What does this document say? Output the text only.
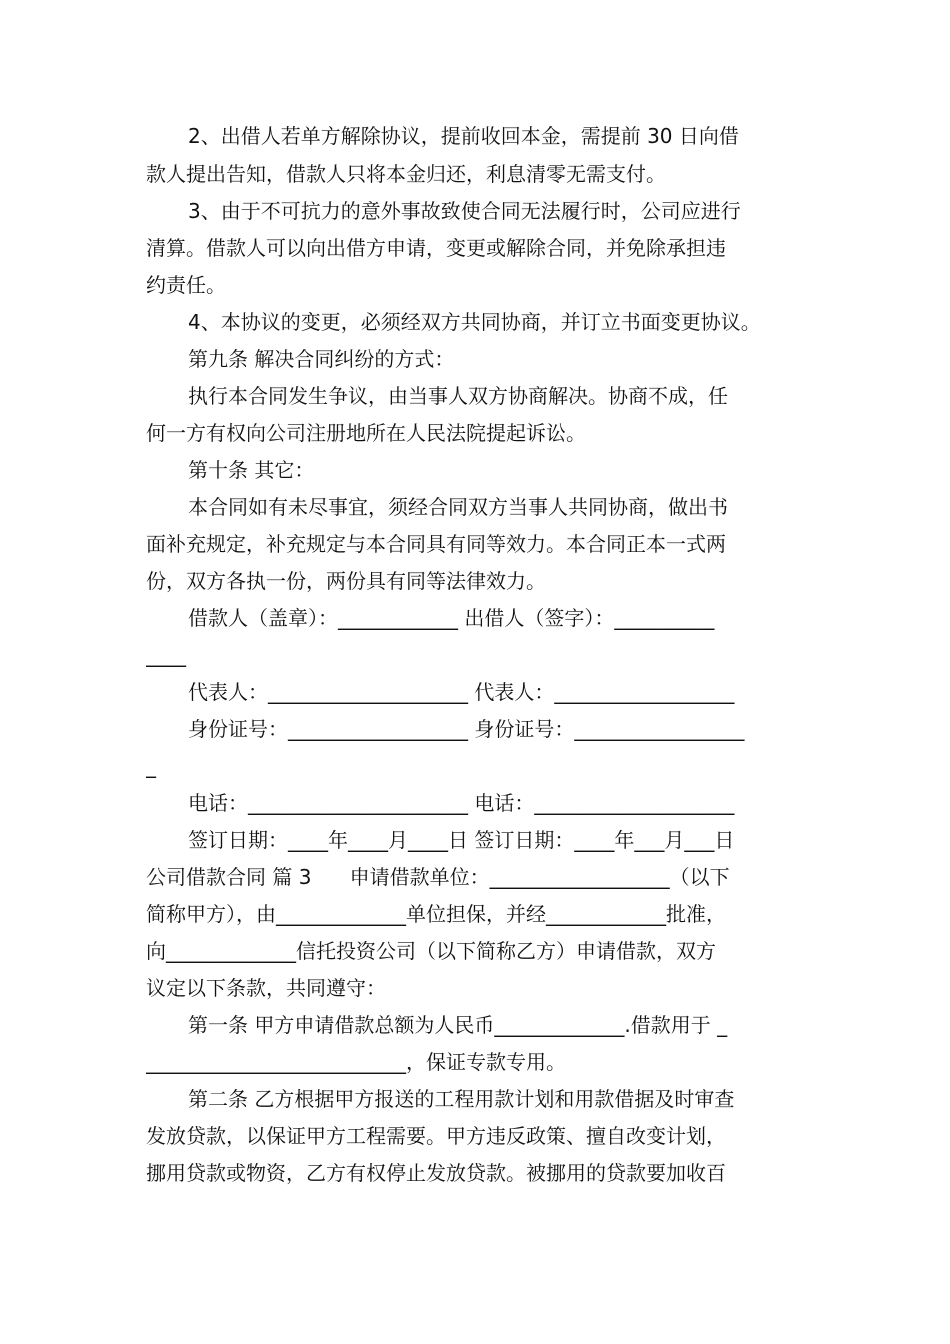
2、出借人若单方解除协议，提前收回本金，需提前 30 日向借
款人提出告知，借款人只将本金归还，利息清零无需支付。
3、由于不可抗力的意外事故致使合同无法履行时，公司应进行
清算。借款人可以向出借方申请，变更或解除合同，并免除承担违
约责任。
4、本协议的变更，必须经双方共同协商，并订立书面变更协议。
第九条 解决合同纠纷的方式：
执行本合同发生争议，由当事人双方协商解决。协商不成，任
何一方有权向公司注册地所在人民法院提起诉讼。
第十条 其它：
本合同如有未尽事宜，须经合同双方当事人共同协商，做出书
面补充规定，补充规定与本合同具有同等效力。本合同正本一式两
份，双方各执一份，两份具有同等法律效力。
借款人（盖章）：____________ 出借人（签字）：__________
____
代表人：____________________ 代表人：__________________
身份证号：__________________ 身份证号：_________________
_
电话：______________________ 电话：____________________
签订日期：____年____月____日 签订日期：____年___月___日
公司借款合同 篇 3      申请借款单位：__________________（以下
简称甲方），由_____________单位担保，并经____________批准，
向_____________信托投资公司（以下简称乙方）申请借款，双方
议定以下条款，共同遵守：
第一条 甲方申请借款总额为人民币_____________.借款用于 _
__________________________，保证专款专用。
第二条 乙方根据甲方报送的工程用款计划和用款借据及时审查
发放贷款，以保证甲方工程需要。甲方违反政策、擅自改变计划，
挪用贷款或物资，乙方有权停止发放贷款。被挪用的贷款要加收百
